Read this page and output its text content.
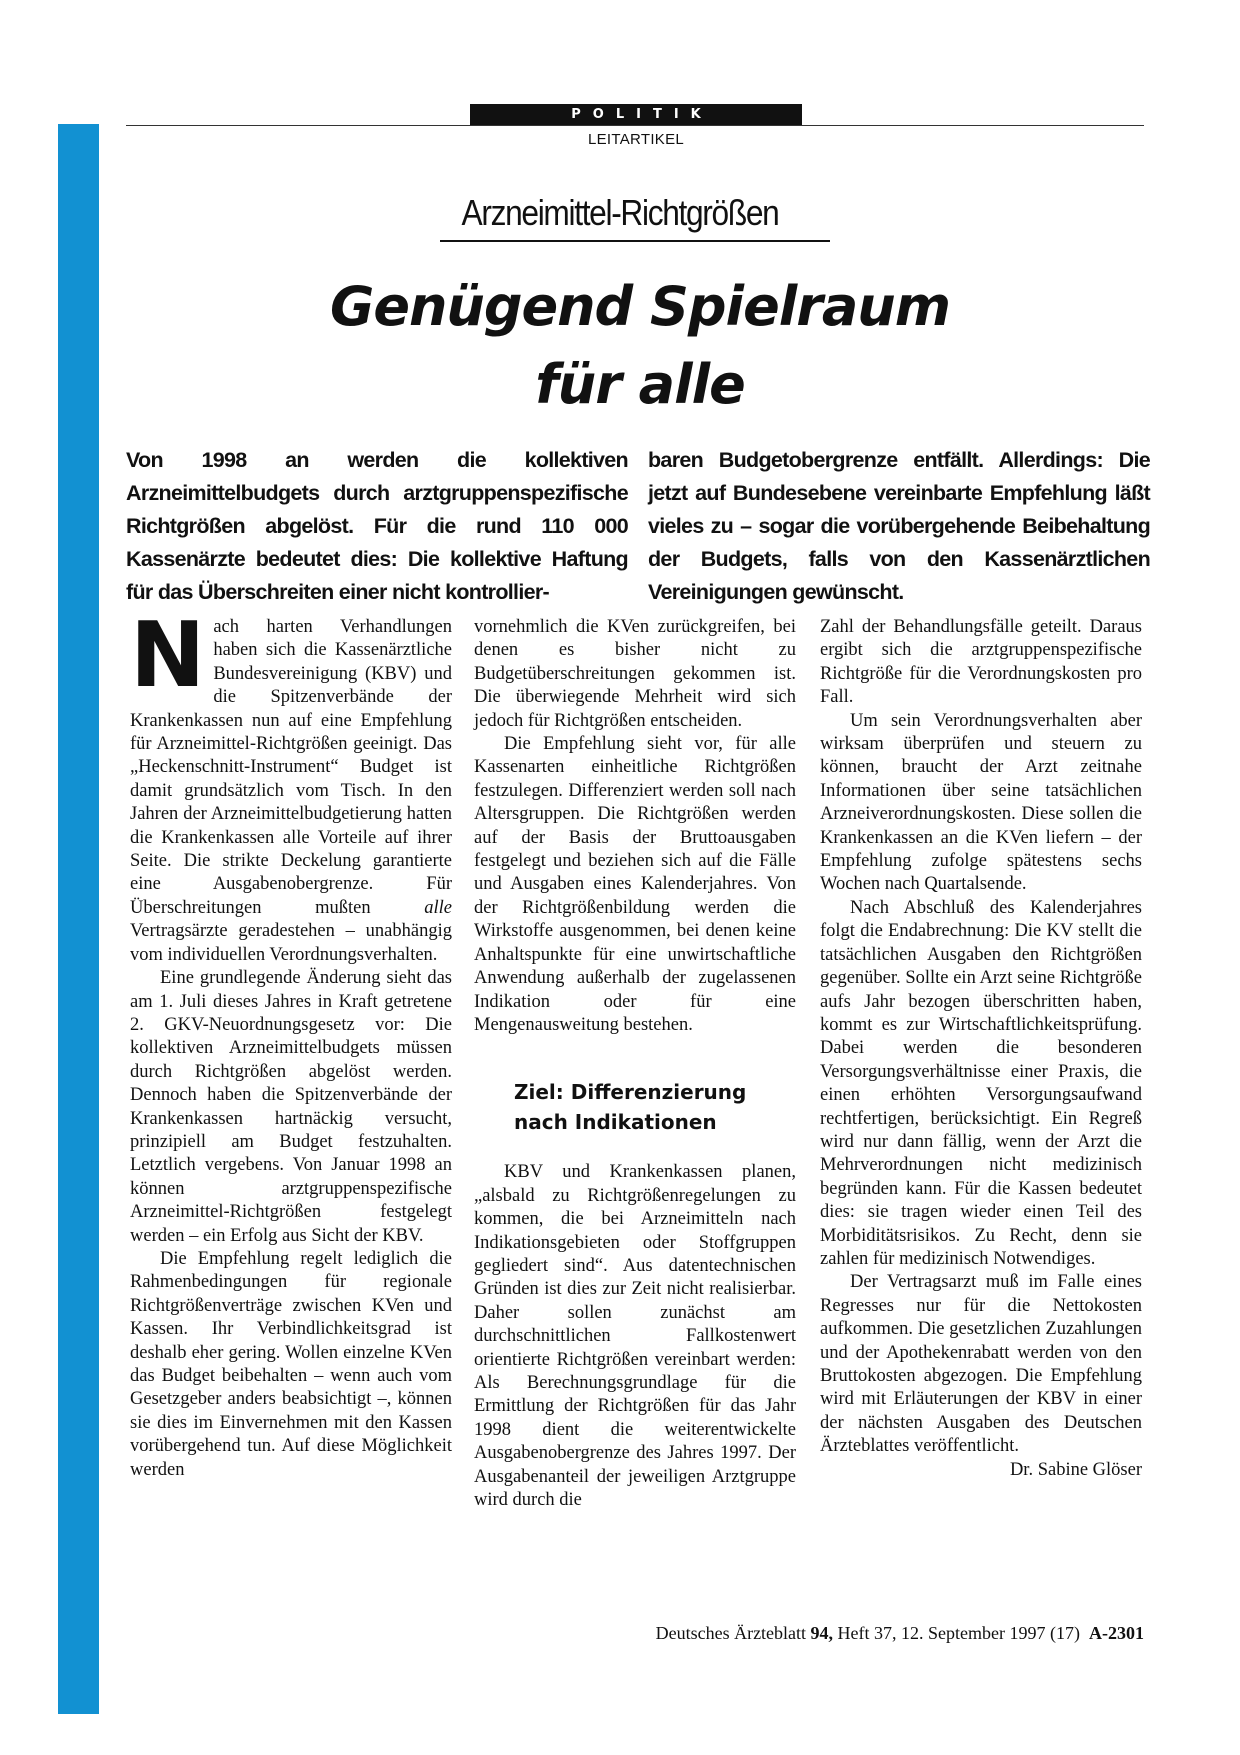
POLITIK
LEITARTIKEL
Arzneimittel-Richtgrößen
Genügend Spielraum
für alle
Von 1998 an werden die kollektiven Arzneimittelbudgets durch arztgruppenspezifische Richtgrößen abgelöst. Für die rund 110 000 Kassenärzte bedeutet dies: Die kollektive Haftung für das Überschreiten einer nicht kontrollier-
baren Budgetobergrenze entfällt. Allerdings: Die jetzt auf Bundesebene vereinbarte Empfehlung läßt vieles zu – sogar die vorübergehende Beibehaltung der Budgets, falls von den Kassenärztlichen Vereinigungen gewünscht.

Nach harten Verhandlungen haben sich die Kassenärztliche Bundesvereinigung (KBV) und die Spitzenverbände der Krankenkassen nun auf eine Empfehlung für Arzneimittel-Richtgrößen geeinigt. Das „Heckenschnitt-Instrument“ Budget ist damit grundsätzlich vom Tisch. In den Jahren der Arzneimittelbudgetierung hatten die Krankenkassen alle Vorteile auf ihrer Seite. Die strikte Deckelung garantierte eine Ausgabenobergrenze. Für Überschreitungen mußten	alle Vertragsärzte geradestehen – unabhängig vom individuellen Verordnungsverhalten.

Eine grundlegende Änderung sieht das am 1. Juli dieses Jahres in Kraft getretene 2. GKV-Neuordnungsgesetz vor: Die kollektiven Arzneimittelbudgets müssen durch Richtgrößen abgelöst werden. Dennoch haben die Spitzenverbände der Krankenkassen hartnäckig versucht, prinzipiell am Budget festzuhalten. Letztlich vergebens. Von Januar 1998 an können arztgruppenspezifische Arzneimittel-Richtgrößen festgelegt werden – ein Erfolg aus Sicht der KBV.

Die Empfehlung regelt lediglich die Rahmenbedingungen für regionale Richtgrößenverträge zwischen KVen und Kassen. Ihr Verbindlichkeitsgrad ist deshalb eher gering. Wollen einzelne KVen das Budget beibehalten – wenn auch vom Gesetzgeber anders beabsichtigt –, können sie dies im Einvernehmen mit den Kassen vorübergehend tun. Auf diese Möglichkeit werden

vornehmlich die KVen zurückgreifen, bei denen es bisher nicht zu Budgetüberschreitungen gekommen ist. Die überwiegende Mehrheit wird sich jedoch für Richtgrößen entscheiden.

Die Empfehlung sieht vor, für alle Kassenarten einheitliche Richtgrößen festzulegen. Differenziert werden soll nach Altersgruppen. Die Richtgrößen werden auf der Basis der Bruttoausgaben festgelegt und beziehen sich auf die Fälle und Ausgaben eines Kalenderjahres. Von der Richtgrößenbildung werden die Wirkstoffe ausgenommen, bei denen keine Anhaltspunkte für eine unwirtschaftliche Anwendung außerhalb der zugelassenen Indikation oder für eine Mengenausweitung bestehen.

Ziel: Differenzierung
nach Indikationen

KBV und Krankenkassen planen, „alsbald zu Richtgrößenregelungen zu kommen, die bei Arzneimitteln nach Indikationsgebieten oder Stoffgruppen gegliedert sind“. Aus datentechnischen Gründen ist dies zur Zeit nicht realisierbar. Daher sollen zunächst am durchschnittlichen Fallkostenwert orientierte Richtgrößen vereinbart werden: Als Berechnungsgrundlage für die Ermittlung der Richtgrößen für das Jahr 1998 dient die weiterentwickelte Ausgabenobergrenze des Jahres 1997. Der Ausgabenanteil der jeweiligen Arztgruppe wird durch die

Zahl der Behandlungsfälle geteilt. Daraus ergibt sich die arztgruppenspezifische Richtgröße für die Verordnungskosten pro Fall.

Um sein Verordnungsverhalten aber wirksam überprüfen und steuern zu können, braucht der Arzt zeitnahe Informationen über seine tatsächlichen Arzneiverordnungskosten. Diese sollen die Krankenkassen an die KVen liefern – der Empfehlung zufolge spätestens sechs Wochen nach Quartalsende.

Nach Abschluß des Kalenderjahres folgt die Endabrechnung: Die KV stellt die tatsächlichen Ausgaben den Richtgrößen gegenüber. Sollte ein Arzt seine Richtgröße aufs Jahr bezogen überschritten haben, kommt es zur Wirtschaftlichkeitsprüfung. Dabei werden die besonderen Versorgungsverhältnisse einer Praxis, die einen erhöhten Versorgungsaufwand rechtfertigen, berücksichtigt. Ein Regreß wird nur dann fällig, wenn der Arzt die Mehrverordnungen nicht medizinisch begründen kann. Für die Kassen bedeutet dies: sie tragen wieder einen Teil des Morbiditätsrisikos. Zu Recht, denn sie zahlen für medizinisch Notwendiges.

Der Vertragsarzt muß im Falle eines Regresses nur für die Nettokosten aufkommen. Die gesetzlichen Zuzahlungen und der Apothekenrabatt werden von den Bruttokosten abgezogen. Die Empfehlung wird mit Erläuterungen der KBV in einer der nächsten Ausgaben des Deutschen Ärzteblattes veröffentlicht.
Dr. Sabine Glöser

Deutsches Ärzteblatt 94, Heft 37, 12. September 1997 (17) A-2301
